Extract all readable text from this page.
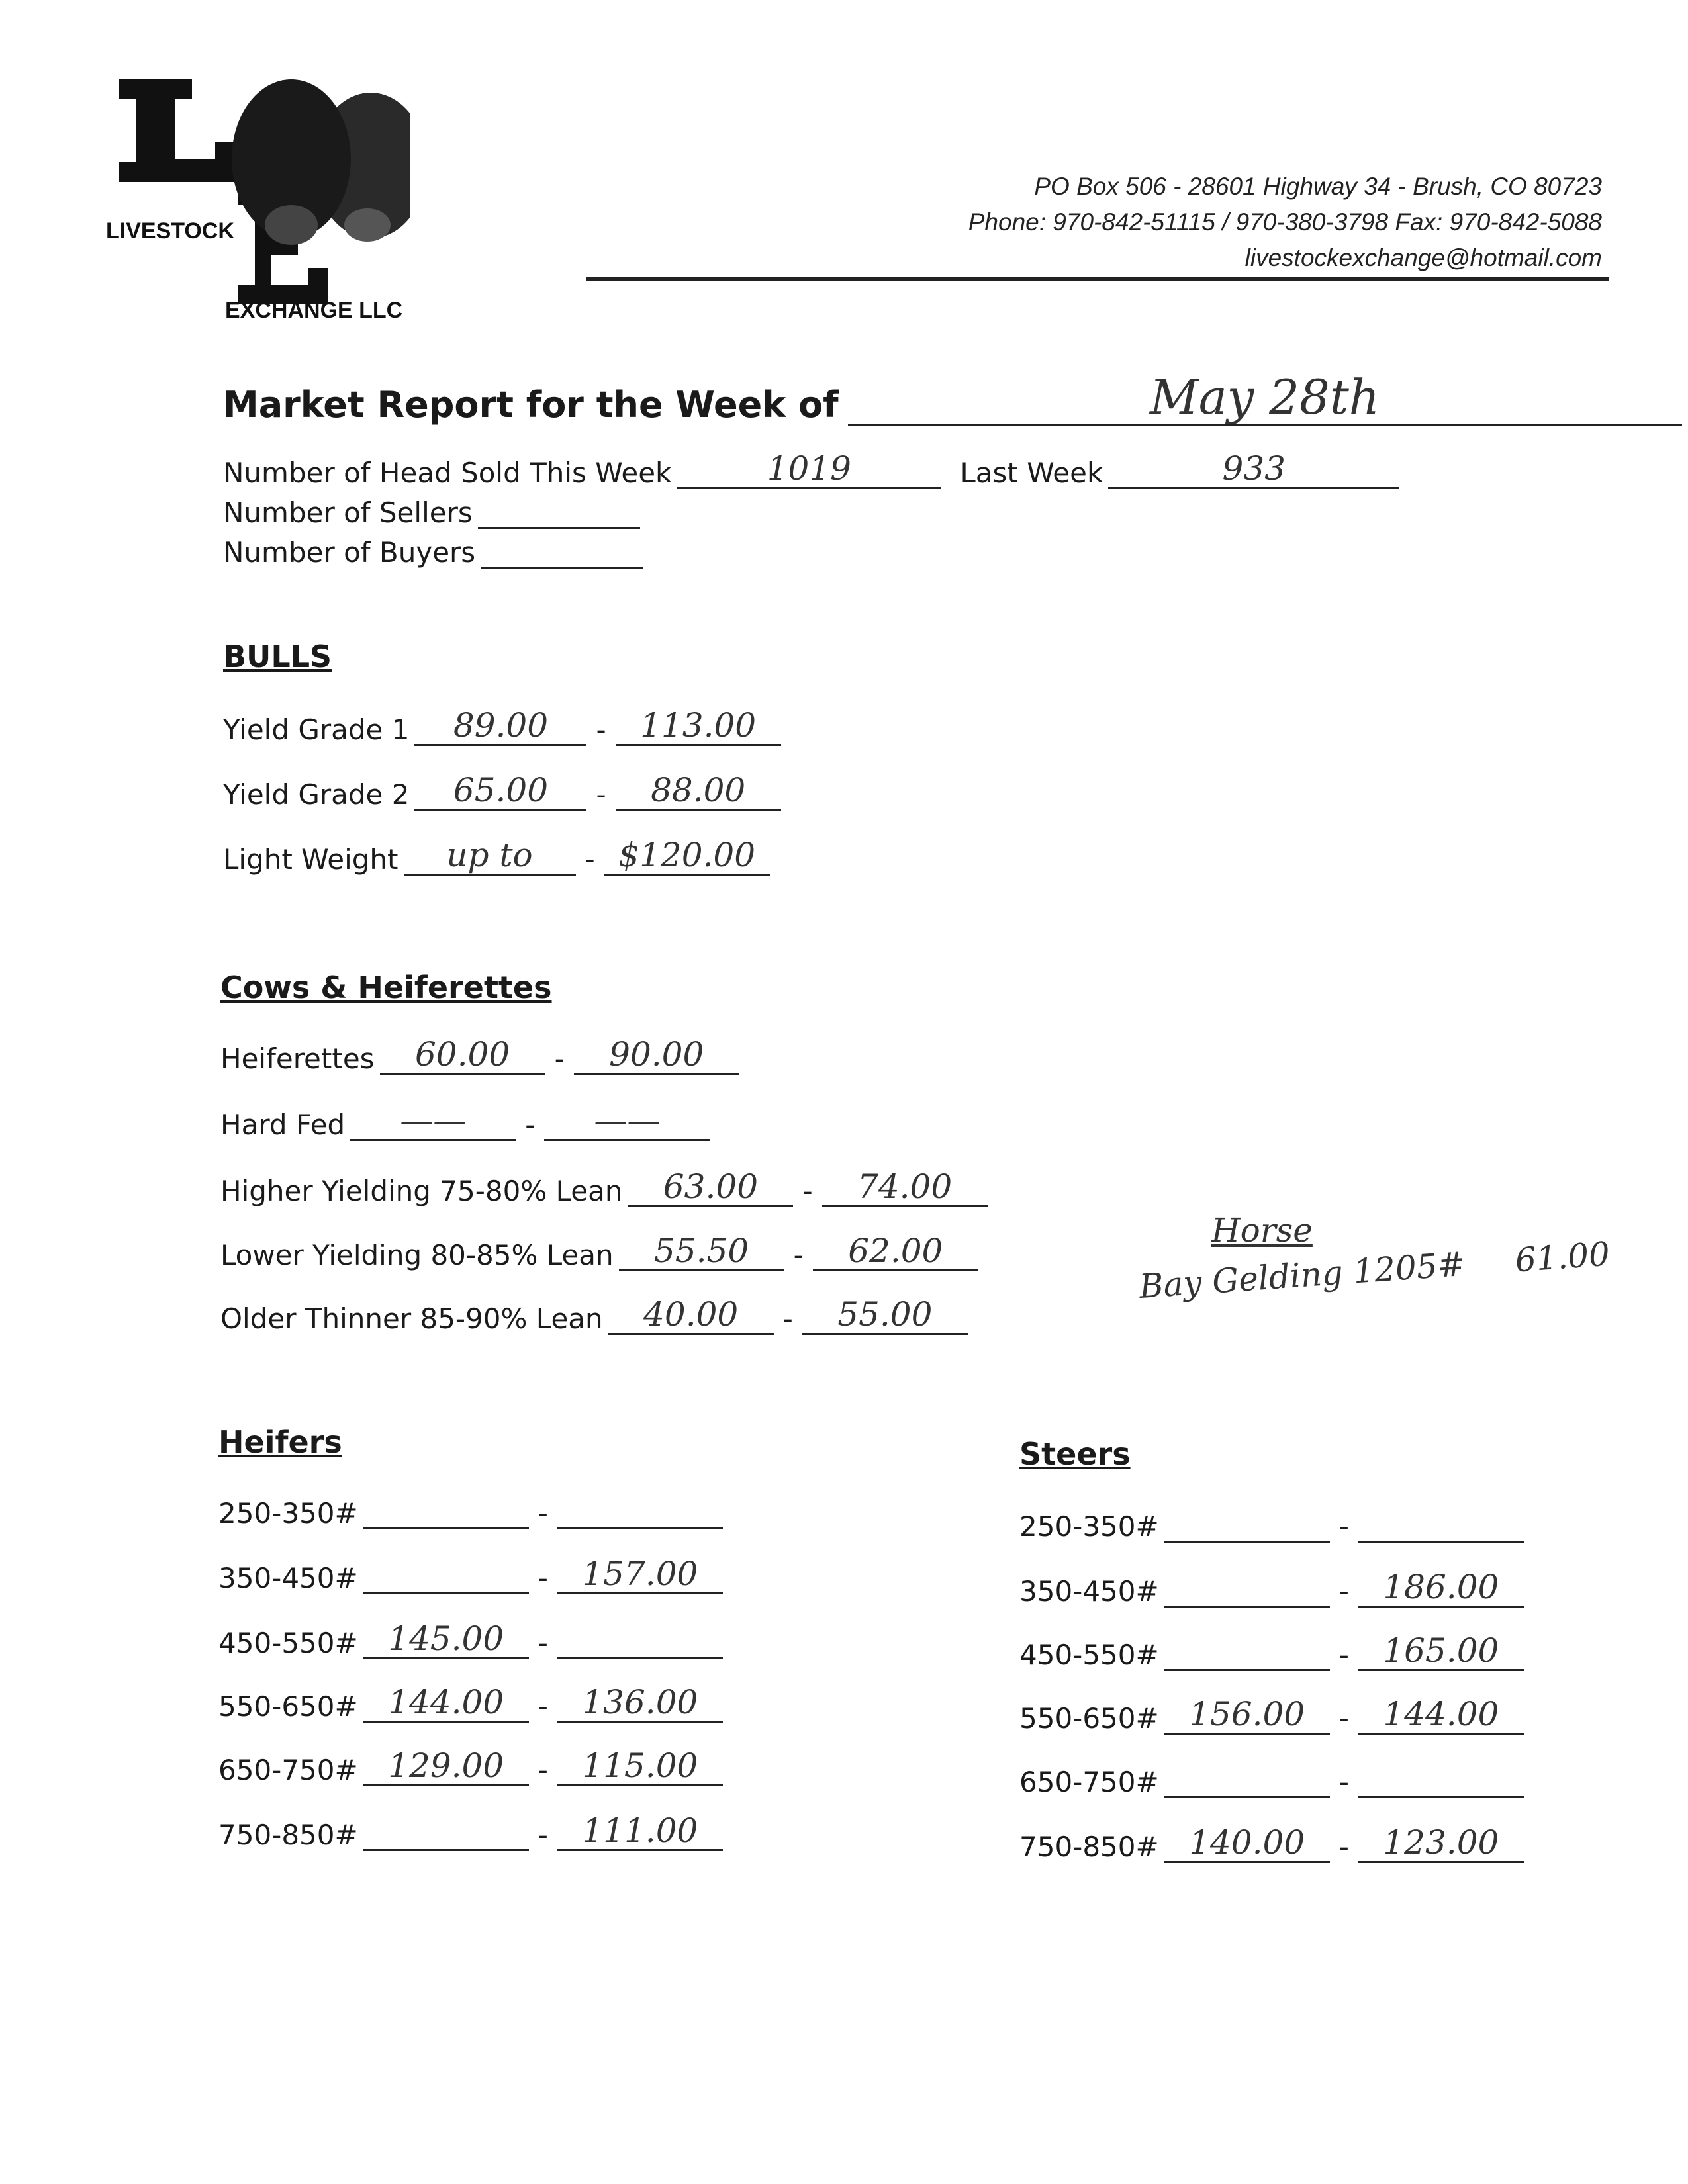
LIVESTOCK
EXCHANGE LLC
PO Box 506 - 28601 Highway 34 - Brush, CO 80723
Phone: 970-842-51115 / 970-380-3798 Fax: 970-842-5088
livestockexchange@hotmail.com
Market Report for the Week of	May 28th
Number of Head Sold This Week	1019	Last Week	933
Number of Sellers
Number of Buyers
BULLS
Yield Grade 1	89.00	-	113.00
Yield Grade 2	65.00	-	88.00
Light Weight	up to	- $120.00
Cows & Heiferettes
Heiferettes	60.00	-	90.00
Hard Fed	——	-	——
Higher Yielding 75-80% Lean	63.00	-	74.00
Lower Yielding 80-85% Lean	55.50	-	62.00
Older Thinner 85-90% Lean	40.00	-	55.00
Heifers
250-350#	-
350-450#	-	157.00
450-550# 145.00	-
550-650# 144.00	-	136.00
650-750# 129.00	-	115.00
750-850#	-	111.00
Steers
250-350#	-
350-450#	-	186.00
450-550#	-	165.00
550-650# 156.00	-	144.00
650-750#	-
750-850# 140.00	-	123.00
Horse
Bay Gelding 1205# 61.00
